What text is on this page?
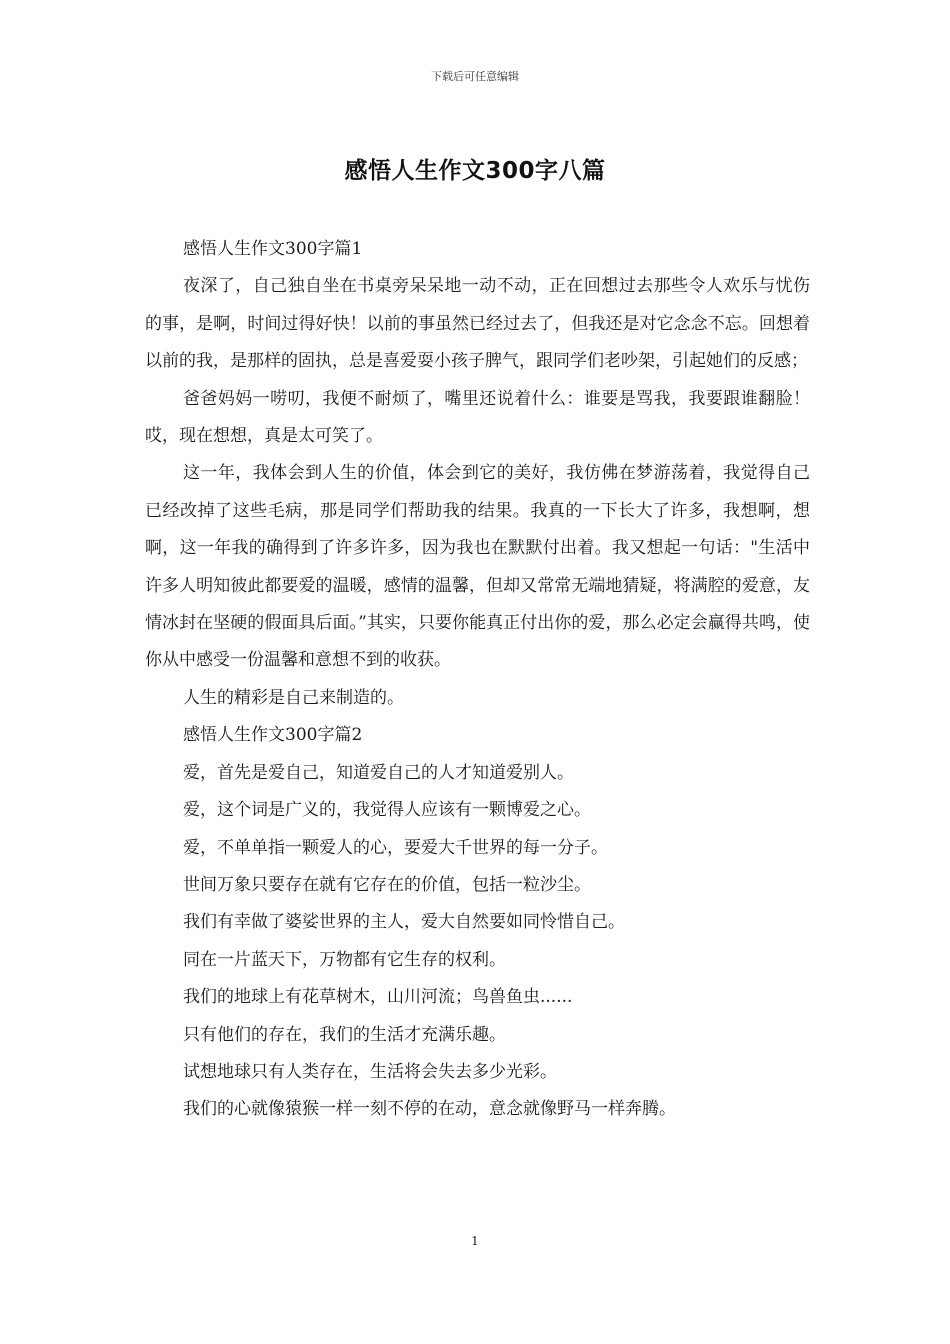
下载后可任意编辑
感悟人生作文300字八篇

感悟人生作文300字篇1

夜深了，自己独自坐在书桌旁呆呆地一动不动，正在回想过去那些令人欢乐与忧伤的事，是啊，时间过得好快！以前的事虽然已经过去了，但我还是对它念念不忘。回想着以前的我，是那样的固执，总是喜爱耍小孩子脾气，跟同学们老吵架，引起她们的反感；

爸爸妈妈一唠叨，我便不耐烦了，嘴里还说着什么：谁要是骂我，我要跟谁翻脸！哎，现在想想，真是太可笑了。

这一年，我体会到人生的价值，体会到它的美好，我仿佛在梦游荡着，我觉得自己已经改掉了这些毛病，那是同学们帮助我的结果。我真的一下长大了许多，我想啊，想啊，这一年我的确得到了许多许多，因为我也在默默付出着。我又想起一句话："生活中许多人明知彼此都要爱的温暖，感情的温馨，但却又常常无端地猜疑，将满腔的爱意，友情冰封在坚硬的假面具后面。”其实，只要你能真正付出你的爱，那么必定会赢得共鸣，使你从中感受一份温馨和意想不到的收获。

人生的精彩是自己来制造的。

感悟人生作文300字篇2

爱，首先是爱自己，知道爱自己的人才知道爱别人。

爱，这个词是广义的，我觉得人应该有一颗博爱之心。

爱，不单单指一颗爱人的心，要爱大千世界的每一分子。

世间万象只要存在就有它存在的价值，包括一粒沙尘。

我们有幸做了婆娑世界的主人，爱大自然要如同怜惜自己。

同在一片蓝天下，万物都有它生存的权利。

我们的地球上有花草树木，山川河流；鸟兽鱼虫......

只有他们的存在，我们的生活才充满乐趣。

试想地球只有人类存在，生活将会失去多少光彩。

我们的心就像猿猴一样一刻不停的在动，意念就像野马一样奔腾。

1
